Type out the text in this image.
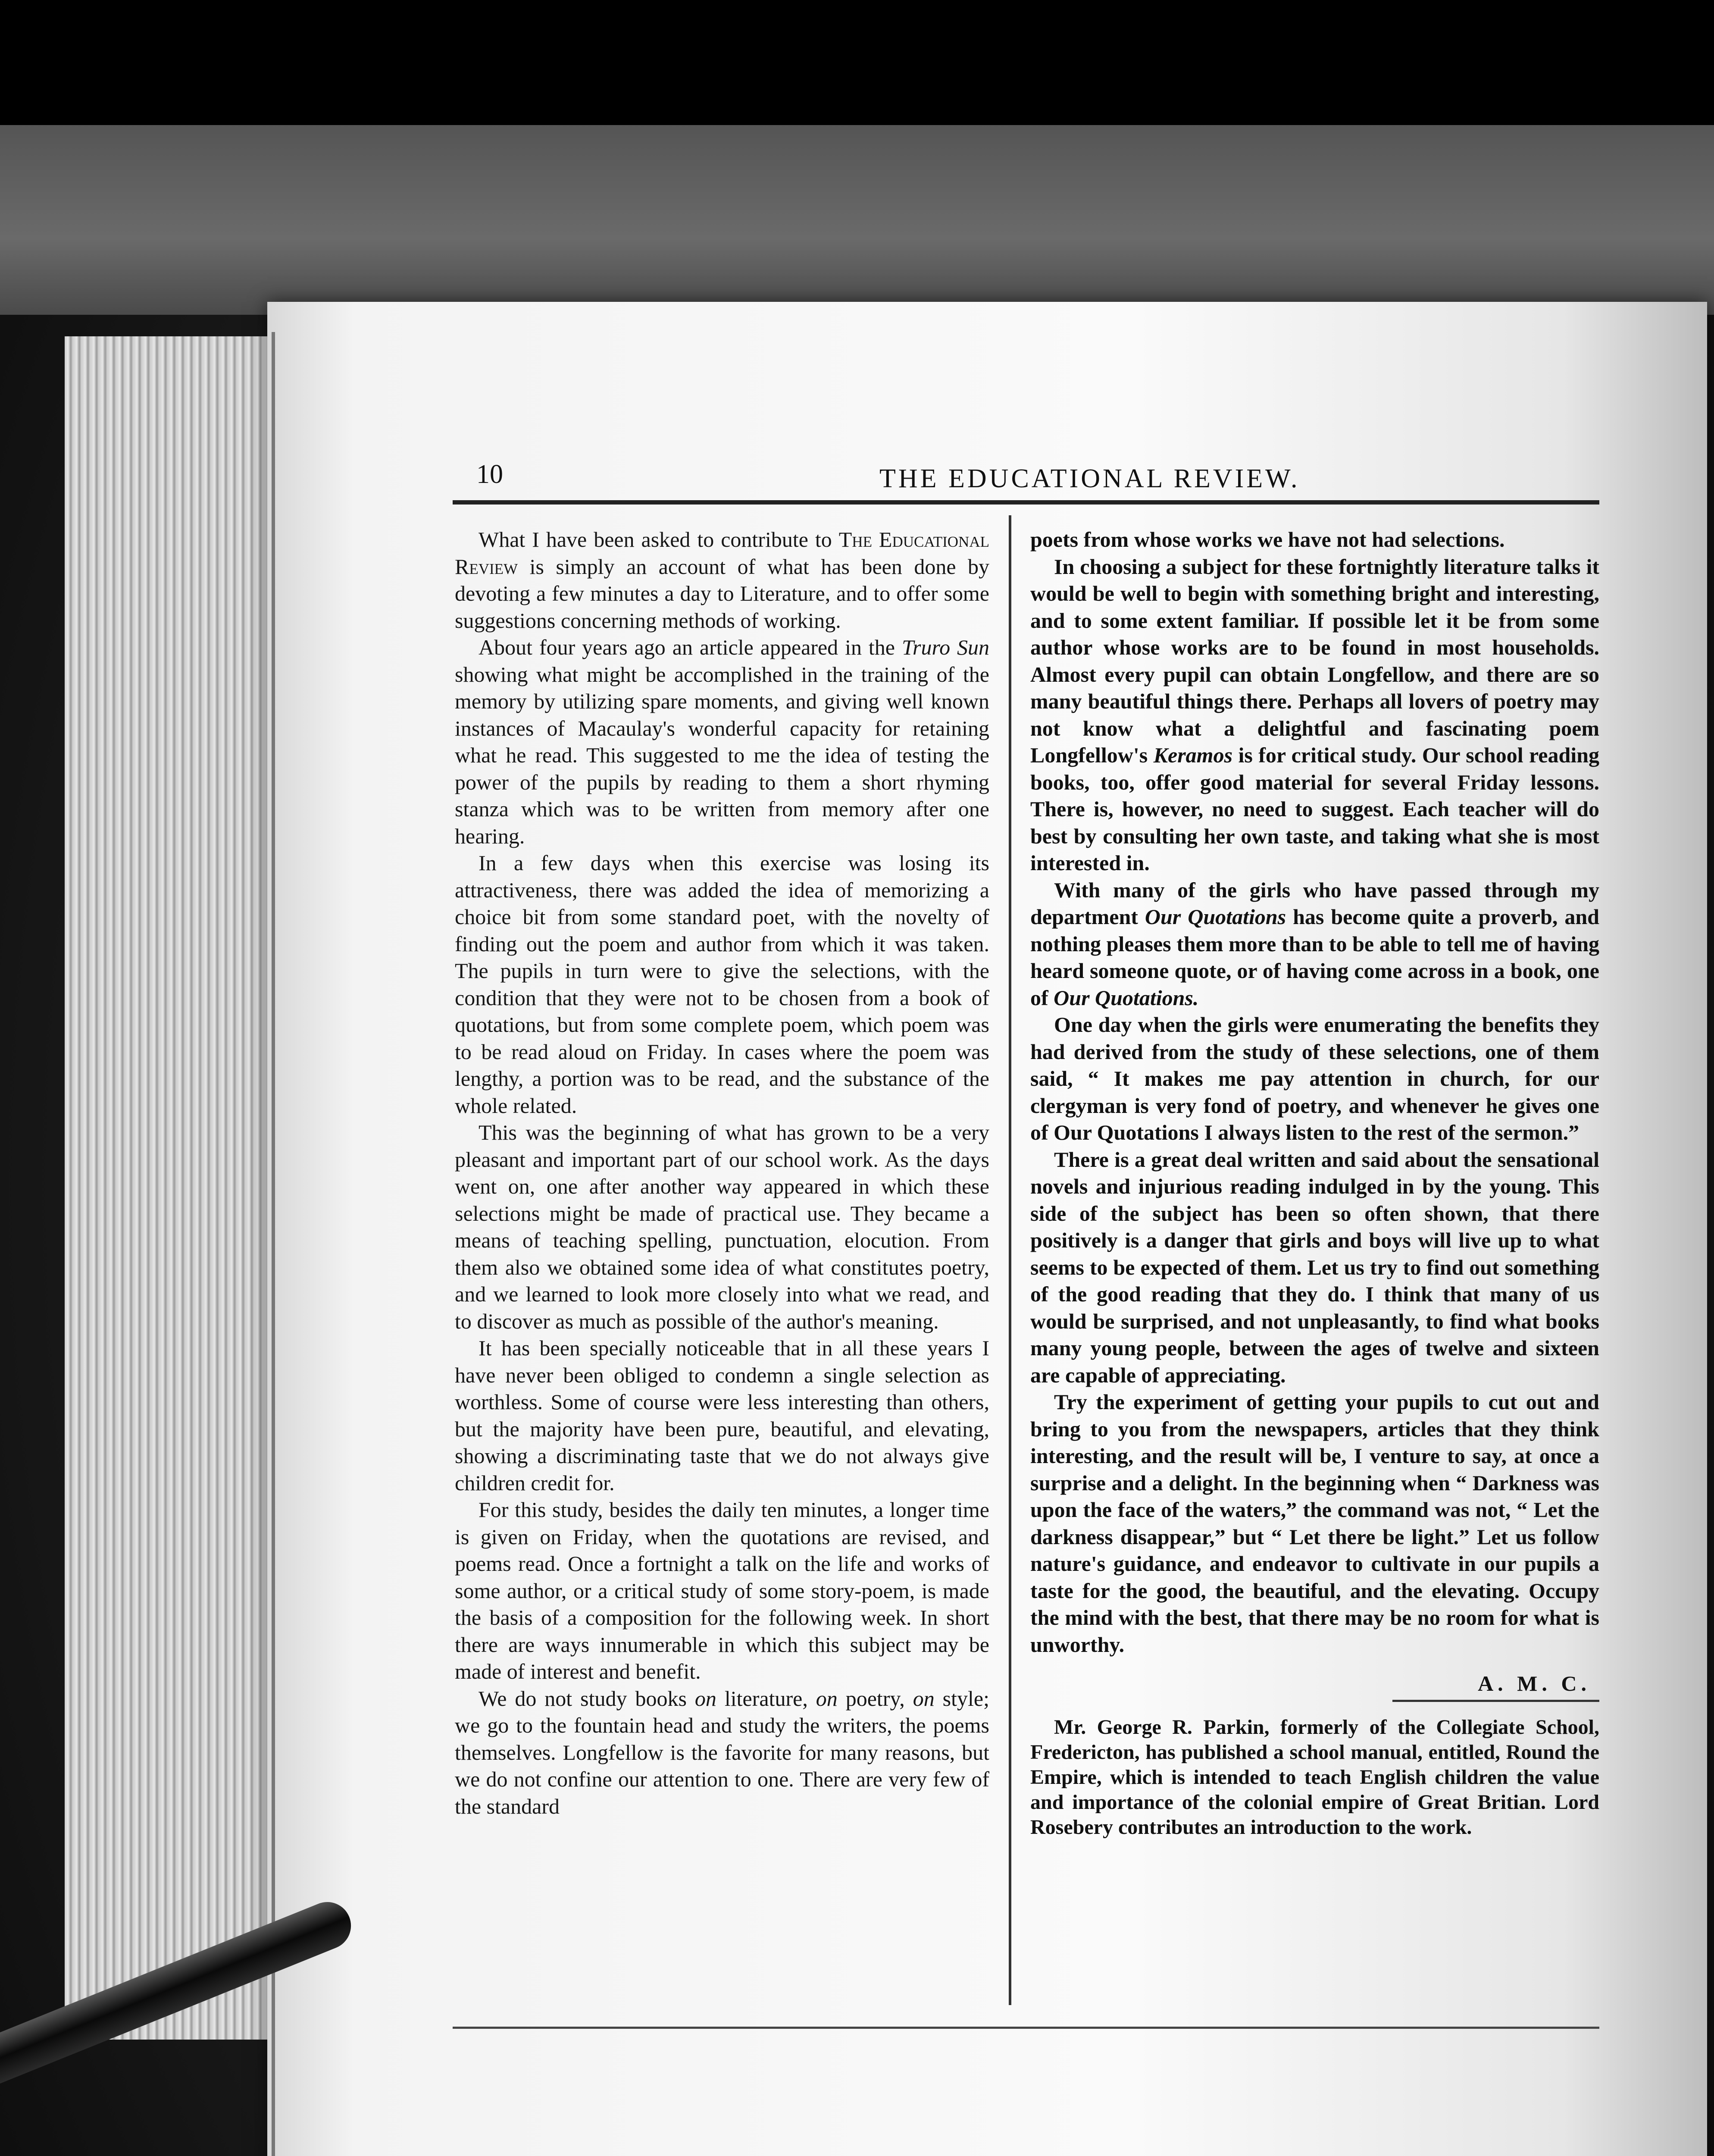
10	THE EDUCATIONAL REVIEW.

What I have been asked to contribute to The Educational Review is simply an account of what has been done by devoting a few minutes a day to Literature, and to offer some suggestions concerning methods of working.

About four years ago an article appeared in the Truro Sun showing what might be accomplished in the training of the memory by utilizing spare moments, and giving well known instances of Macaulay's wonderful capacity for retaining what he read. This suggested to me the idea of testing the power of the pupils by reading to them a short rhyming stanza which was to be written from memory after one hearing.

In a few days when this exercise was losing its attractiveness, there was added the idea of memorizing a choice bit from some standard poet, with the novelty of finding out the poem and author from which it was taken. The pupils in turn were to give the selections, with the condition that they were not to be chosen from a book of quotations, but from some complete poem, which poem was to be read aloud on Friday. In cases where the poem was lengthy, a portion was to be read, and the substance of the whole related.

This was the beginning of what has grown to be a very pleasant and important part of our school work. As the days went on, one after another way appeared in which these selections might be made of practical use. They became a means of teaching spelling, punctuation, elocution. From them also we obtained some idea of what constitutes poetry, and we learned to look more closely into what we read, and to discover as much as possible of the author's meaning.

It has been specially noticeable that in all these years I have never been obliged to condemn a single selection as worthless. Some of course were less interesting than others, but the majority have been pure, beautiful, and elevating, showing a discriminating taste that we do not always give children credit for.

For this study, besides the daily ten minutes, a longer time is given on Friday, when the quotations are revised, and poems read. Once a fortnight a talk on the life and works of some author, or a critical study of some story-poem, is made the basis of a composition for the following week. In short there are ways innumerable in which this subject may be made of interest and benefit.

We do not study books on literature, on poetry, on style; we go to the fountain head and study the writers, the poems themselves. Longfellow is the favorite for many reasons, but we do not confine our attention to one. There are very few of the standard

poets from whose works we have not had selections.

In choosing a subject for these fortnightly literature talks it would be well to begin with something bright and interesting, and to some extent familiar. If possible let it be from some author whose works are to be found in most households. Almost every pupil can obtain Longfellow, and there are so many beautiful things there. Perhaps all lovers of poetry may not know what a delightful and fascinating poem Longfellow's Keramos is for critical study. Our school reading books, too, offer good material for several Friday lessons. There is, however, no need to suggest. Each teacher will do best by consulting her own taste, and taking what she is most interested in.

With many of the girls who have passed through my department Our Quotations has become quite a proverb, and nothing pleases them more than to be able to tell me of having heard someone quote, or of having come across in a book, one of Our Quotations.

One day when the girls were enumerating the benefits they had derived from the study of these selections, one of them said, “ It makes me pay attention in church, for our clergyman is very fond of poetry, and whenever he gives one of Our Quotations I always listen to the rest of the sermon.”

There is a great deal written and said about the sensational novels and injurious reading indulged in by the young. This side of the subject has been so often shown, that there positively is a danger that girls and boys will live up to what seems to be expected of them. Let us try to find out something of the good reading that they do. I think that many of us would be surprised, and not unpleasantly, to find what books many young people, between the ages of twelve and sixteen are capable of appreciating.

Try the experiment of getting your pupils to cut out and bring to you from the newspapers, articles that they think interesting, and the result will be, I venture to say, at once a surprise and a delight. In the beginning when “ Darkness was upon the face of the waters,” the command was not, “ Let the darkness disappear,” but “ Let there be light.” Let us follow nature's guidance, and endeavor to cultivate in our pupils a taste for the good, the beautiful, and the elevating. Occupy the mind with the best, that there may be no room for what is unworthy.

A. M. C.

Mr. George R. Parkin, formerly of the Collegiate School, Fredericton, has published a school manual, entitled, Round the Empire, which is intended to teach English children the value and importance of the colonial empire of Great Britian. Lord Rosebery contributes an introduction to the work.
